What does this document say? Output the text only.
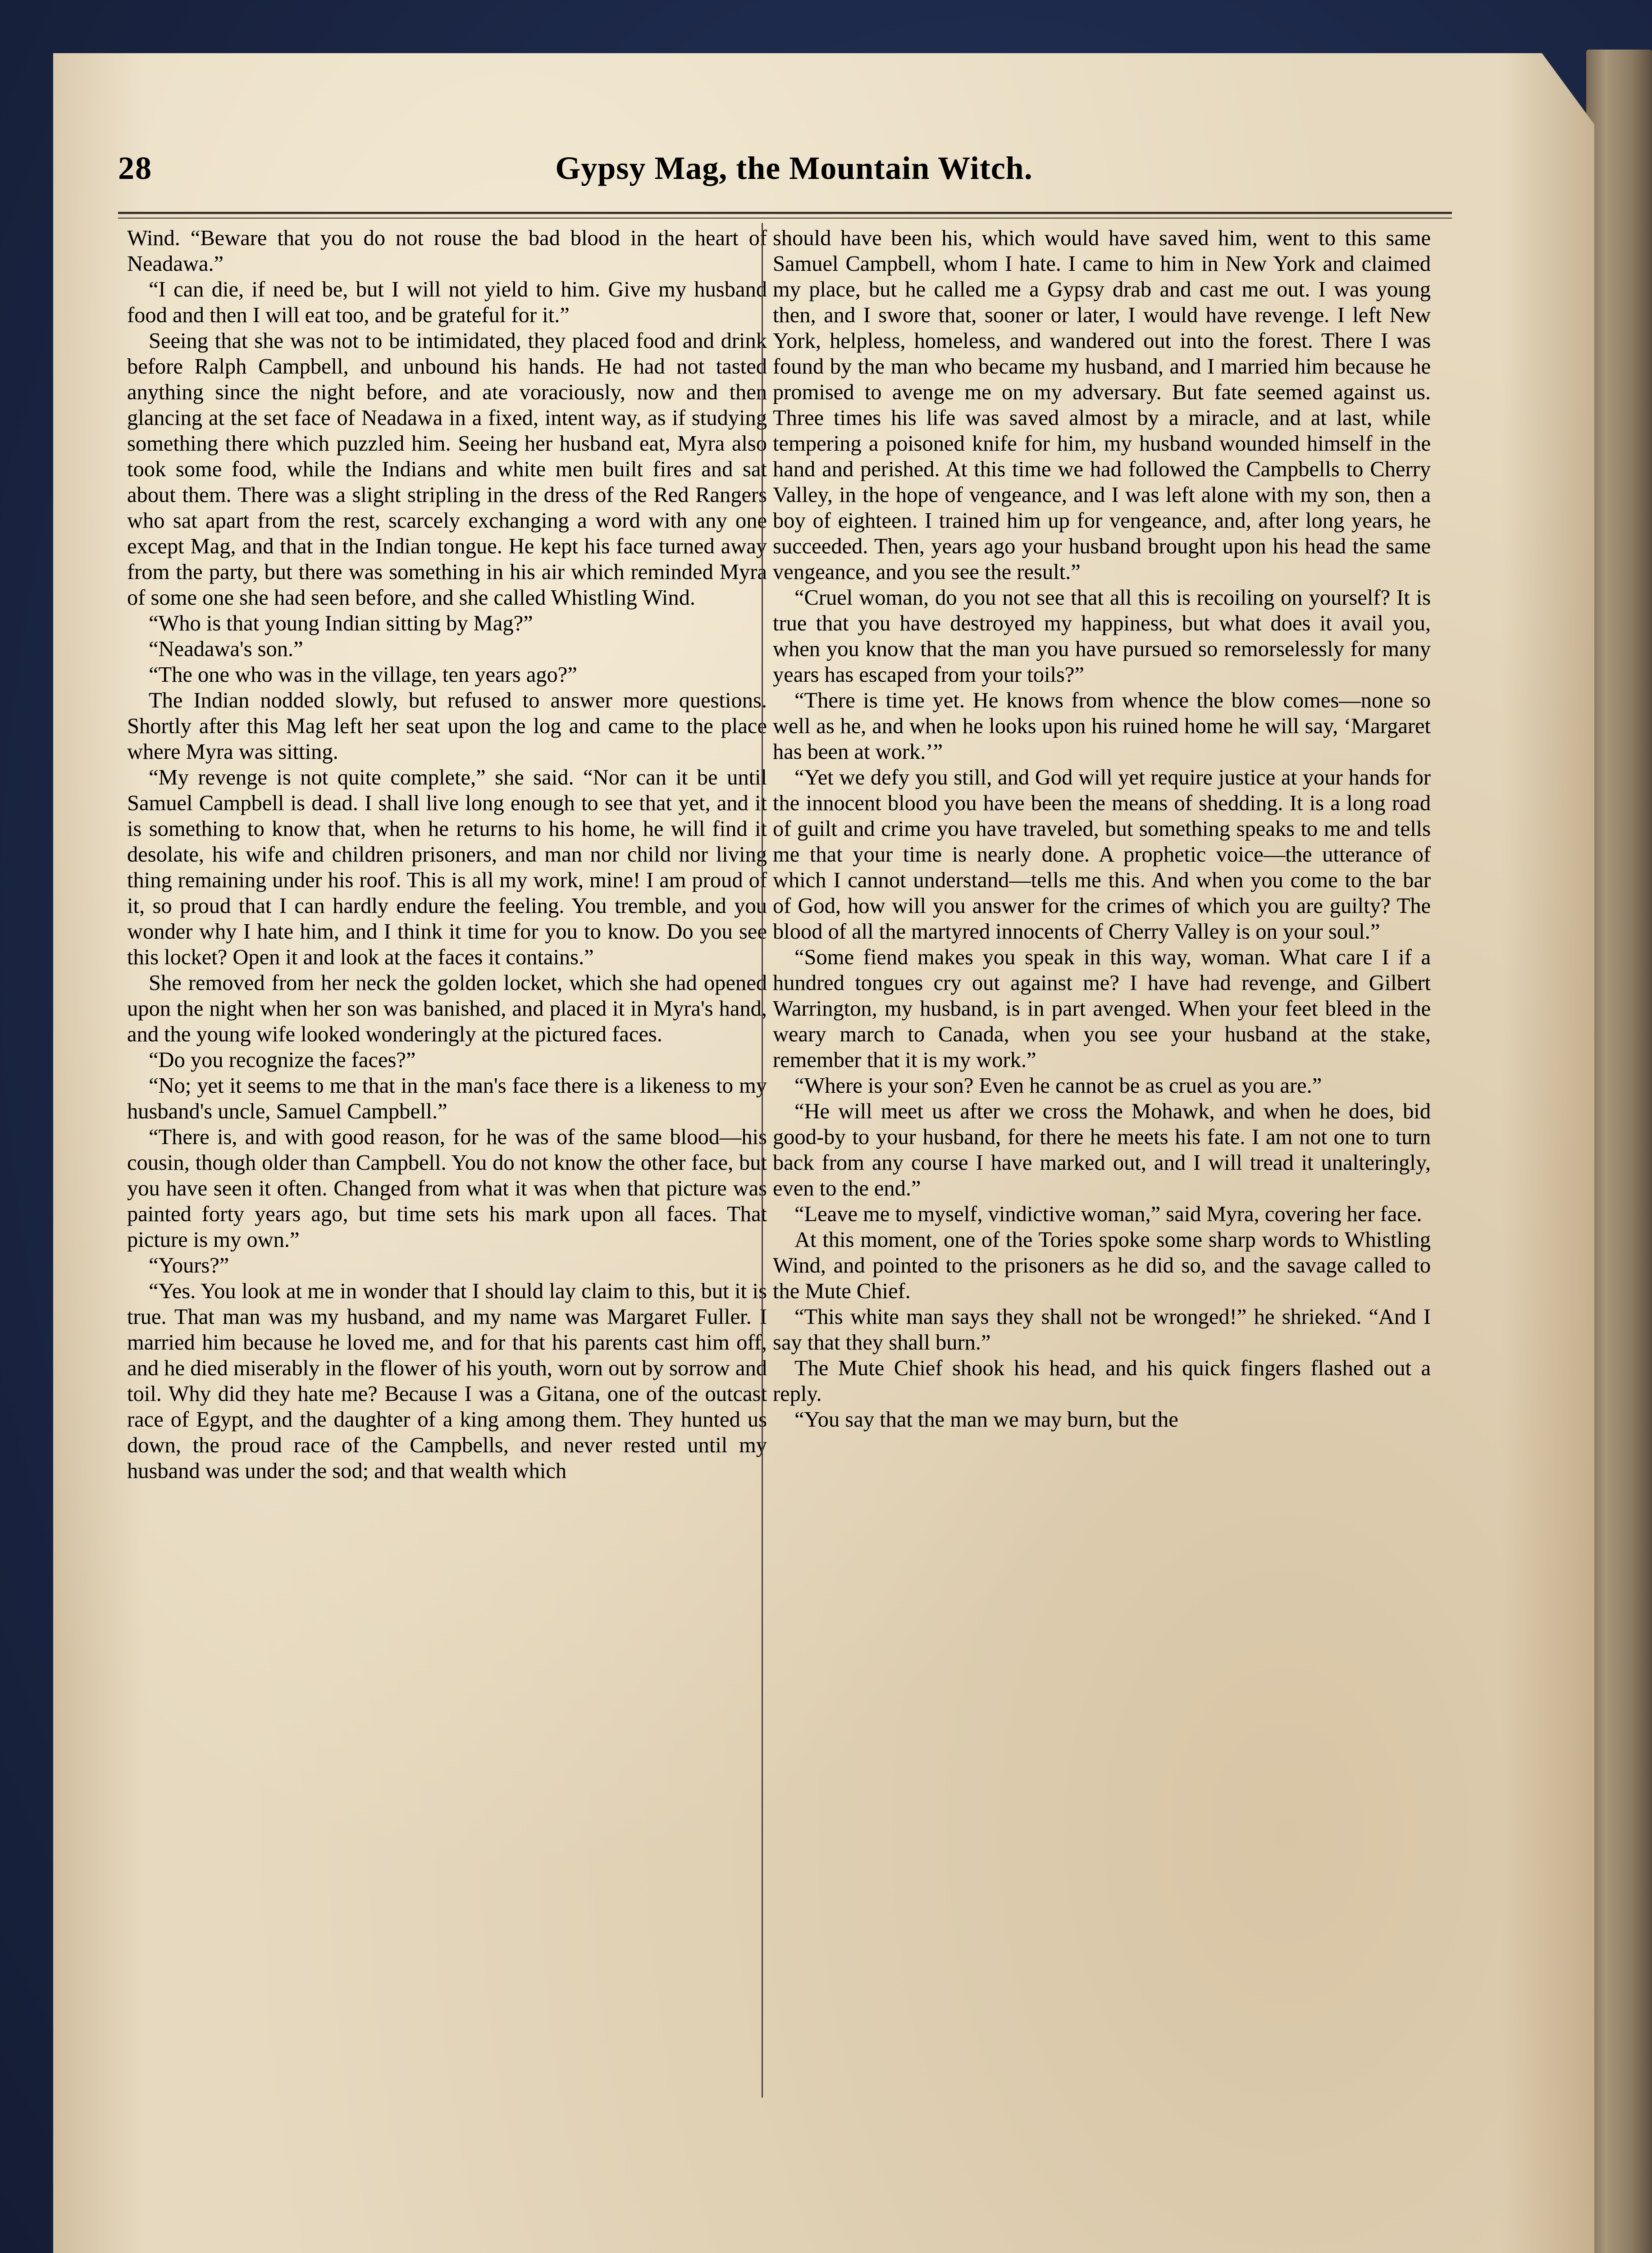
28	Gypsy Mag, the Mountain Witch.

Wind. “Beware that you do not rouse the bad blood in the heart of Neadawa.”

“I can die, if need be, but I will not yield to him. Give my husband food and then I will eat too, and be grateful for it.”

Seeing that she was not to be intimidated, they placed food and drink before Ralph Campbell, and unbound his hands. He had not tasted anything since the night before, and ate voraciously, now and then glancing at the set face of Neadawa in a fixed, intent way, as if studying something there which puzzled him. Seeing her husband eat, Myra also took some food, while the Indians and white men built fires and sat about them. There was a slight stripling in the dress of the Red Rangers who sat apart from the rest, scarcely exchanging a word with any one except Mag, and that in the Indian tongue. He kept his face turned away from the party, but there was something in his air which reminded Myra of some one she had seen before, and she called Whistling Wind.

“Who is that young Indian sitting by Mag?”

“Neadawa's son.”

“The one who was in the village, ten years ago?”

The Indian nodded slowly, but refused to answer more questions. Shortly after this Mag left her seat upon the log and came to the place where Myra was sitting.

“My revenge is not quite complete,” she said. “Nor can it be until Samuel Campbell is dead. I shall live long enough to see that yet, and it is something to know that, when he returns to his home, he will find it desolate, his wife and children prisoners, and man nor child nor living thing remaining under his roof. This is all my work, mine! I am proud of it, so proud that I can hardly endure the feeling. You tremble, and you wonder why I hate him, and I think it time for you to know. Do you see this locket? Open it and look at the faces it contains.”

She removed from her neck the golden locket, which she had opened upon the night when her son was banished, and placed it in Myra's hand, and the young wife looked wonderingly at the pictured faces.

“Do you recognize the faces?”

“No; yet it seems to me that in the man's face there is a likeness to my husband's uncle, Samuel Campbell.”

“There is, and with good reason, for he was of the same blood—his cousin, though older than Campbell. You do not know the other face, but you have seen it often. Changed from what it was when that picture was painted forty years ago, but time sets his mark upon all faces. That picture is my own.”

“Yours?”

“Yes. You look at me in wonder that I should lay claim to this, but it is true. That man was my husband, and my name was Margaret Fuller. I married him because he loved me, and for that his parents cast him off, and he died miserably in the flower of his youth, worn out by sorrow and toil. Why did they hate me? Because I was a Gitana, one of the outcast race of Egypt, and the daughter of a king among them. They hunted us down, the proud race of the Campbells, and never rested until my husband was under the sod; and that wealth which

should have been his, which would have saved him, went to this same Samuel Campbell, whom I hate. I came to him in New York and claimed my place, but he called me a Gypsy drab and cast me out. I was young then, and I swore that, sooner or later, I would have revenge. I left New York, helpless, homeless, and wandered out into the forest. There I was found by the man who became my husband, and I married him because he promised to avenge me on my adversary. But fate seemed against us. Three times his life was saved almost by a miracle, and at last, while tempering a poisoned knife for him, my husband wounded himself in the hand and perished. At this time we had followed the Campbells to Cherry Valley, in the hope of vengeance, and I was left alone with my son, then a boy of eighteen. I trained him up for vengeance, and, after long years, he succeeded. Then, years ago your husband brought upon his head the same vengeance, and you see the result.”

“Cruel woman, do you not see that all this is recoiling on yourself? It is true that you have destroyed my happiness, but what does it avail you, when you know that the man you have pursued so remorselessly for many years has escaped from your toils?”

“There is time yet. He knows from whence the blow comes—none so well as he, and when he looks upon his ruined home he will say, ‘Margaret has been at work.’”

“Yet we defy you still, and God will yet require justice at your hands for the innocent blood you have been the means of shedding. It is a long road of guilt and crime you have traveled, but something speaks to me and tells me that your time is nearly done. A prophetic voice—the utterance of which I cannot understand—tells me this. And when you come to the bar of God, how will you answer for the crimes of which you are guilty? The blood of all the martyred innocents of Cherry Valley is on your soul.”

“Some fiend makes you speak in this way, woman. What care I if a hundred tongues cry out against me? I have had revenge, and Gilbert Warrington, my husband, is in part avenged. When your feet bleed in the weary march to Canada, when you see your husband at the stake, remember that it is my work.”

“Where is your son? Even he cannot be as cruel as you are.”

“He will meet us after we cross the Mohawk, and when he does, bid good-by to your husband, for there he meets his fate. I am not one to turn back from any course I have marked out, and I will tread it unalteringly, even to the end.”

“Leave me to myself, vindictive woman,” said Myra, covering her face.

At this moment, one of the Tories spoke some sharp words to Whistling Wind, and pointed to the prisoners as he did so, and the savage called to the Mute Chief.

“This white man says they shall not be wronged!” he shrieked. “And I say that they shall burn.”

The Mute Chief shook his head, and his quick fingers flashed out a reply.

“You say that the man we may burn, but the
